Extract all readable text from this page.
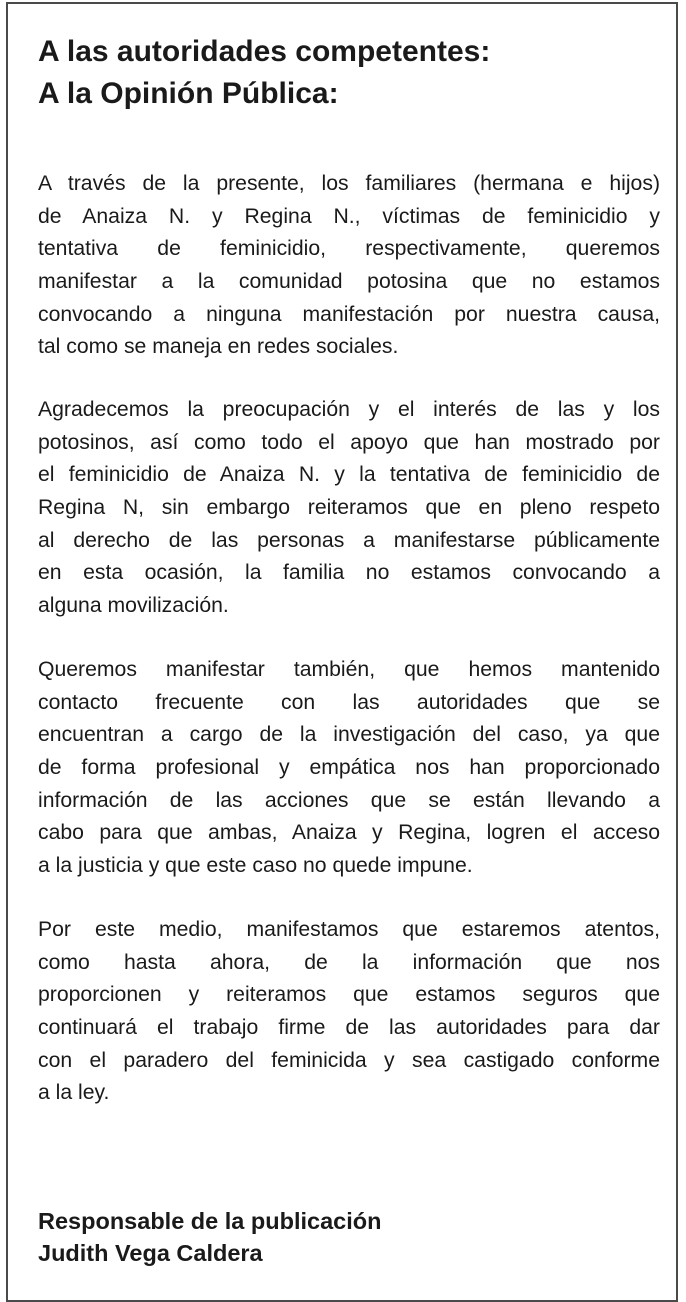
A las autoridades competentes:
A la Opinión Pública:

A través de la presente, los familiares (hermana e hijos)
de Anaiza N. y Regina N., víctimas de feminicidio y
tentativa de feminicidio, respectivamente, queremos
manifestar a la comunidad potosina que no estamos
convocando a ninguna manifestación por nuestra causa,
tal como se maneja en redes sociales.

Agradecemos la preocupación y el interés de las y los
potosinos, así como todo el apoyo que han mostrado por
el feminicidio de Anaiza N. y la tentativa de feminicidio de
Regina N, sin embargo reiteramos que en pleno respeto
al derecho de las personas a manifestarse públicamente
en esta ocasión, la familia no estamos convocando a
alguna movilización.

Queremos manifestar también, que hemos mantenido
contacto frecuente con las autoridades que se
encuentran a cargo de la investigación del caso, ya que
de forma profesional y empática nos han proporcionado
información de las acciones que se están llevando a
cabo para que ambas, Anaiza y Regina, logren el acceso
a la justicia y que este caso no quede impune.

Por este medio, manifestamos que estaremos atentos,
como hasta ahora, de la información que nos
proporcionen y reiteramos que estamos seguros que
continuará el trabajo firme de las autoridades para dar
con el paradero del feminicida y sea castigado conforme
a la ley.

Responsable de la publicación

Judith Vega Caldera
